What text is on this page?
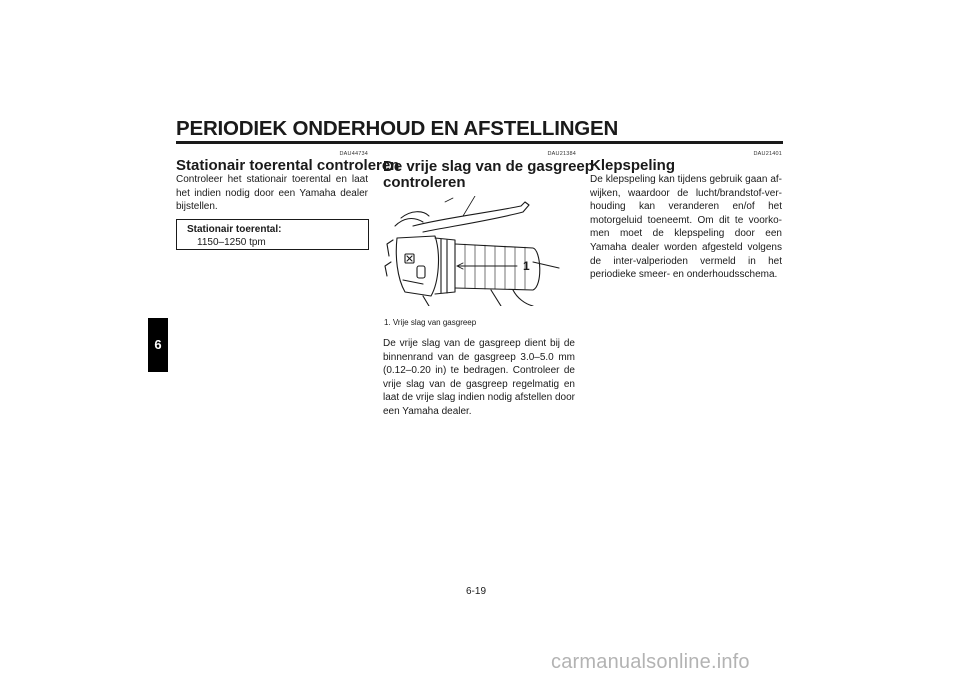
PERIODIEK ONDERHOUD EN AFSTELLINGEN
6
DAU44734
Stationair toerental controleren
Controleer het stationair toerental en laat het indien nodig door een Yamaha dealer bijstellen.
Stationair toerental:
1150–1250 tpm
DAU21384
De vrije slag van de gasgreep
controleren
1
1. Vrije slag van gasgreep
De vrije slag van de gasgreep dient bij de binnenrand van de gasgreep 3.0–5.0 mm (0.12–0.20 in) te bedragen. Controleer de vrije slag van de gasgreep regelmatig en laat de vrije slag indien nodig afstellen door een Yamaha dealer.
DAU21401
Klepspeling
De klepspeling kan tijdens gebruik gaan af-wijken, waardoor de lucht/brandstof-ver-houding kan veranderen en/of het motorgeluid toeneemt. Om dit te voorko-men moet de klepspeling door een Yamaha dealer worden afgesteld volgens de inter-valperioden vermeld in het periodieke smeer- en onderhoudsschema.
6-19
carmanualsonline.info
